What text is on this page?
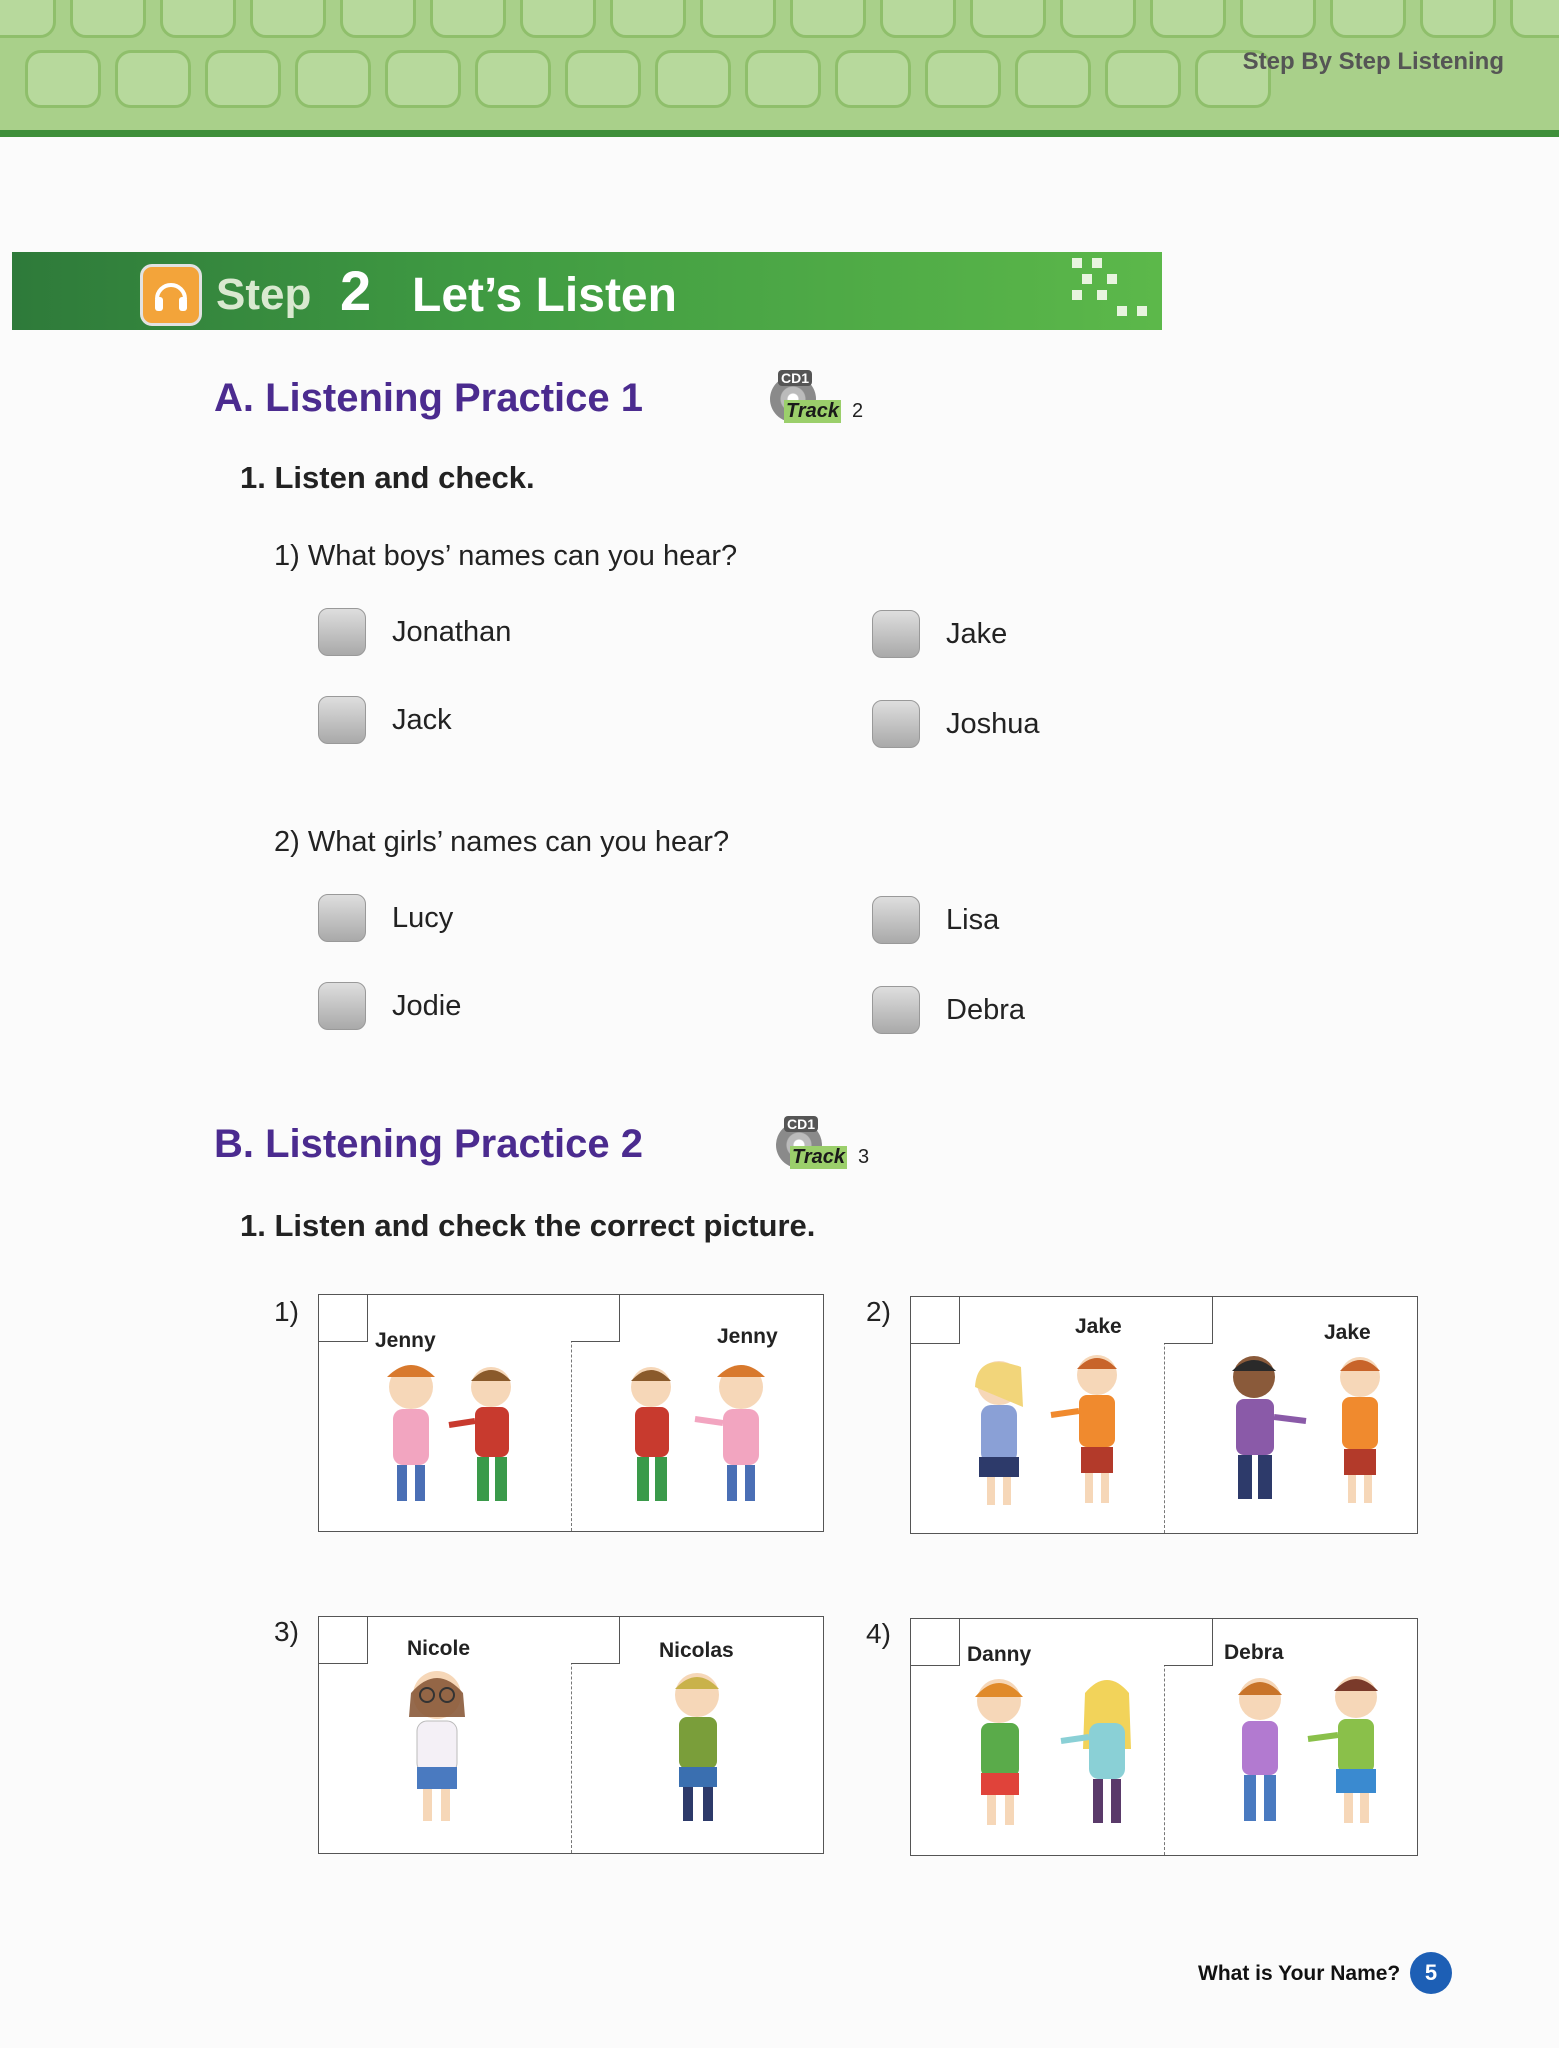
Step By Step Listening
Step 2 Let’s Listen
A. Listening Practice 1	CD1
Track 2
1. Listen and check.
1) What boys’ names can you hear?
Jonathan	Jake
Jack	Joshua
2) What girls’ names can you hear?
Lucy	Lisa
Jodie	Debra
B. Listening Practice 2	CD1
Track 3
1. Listen and check the correct picture.
1)
Jenny	Jenny
2)	Jake	Jake
3)
Nicole	Nicolas
4)
Danny	Debra
What is Your Name?	5
